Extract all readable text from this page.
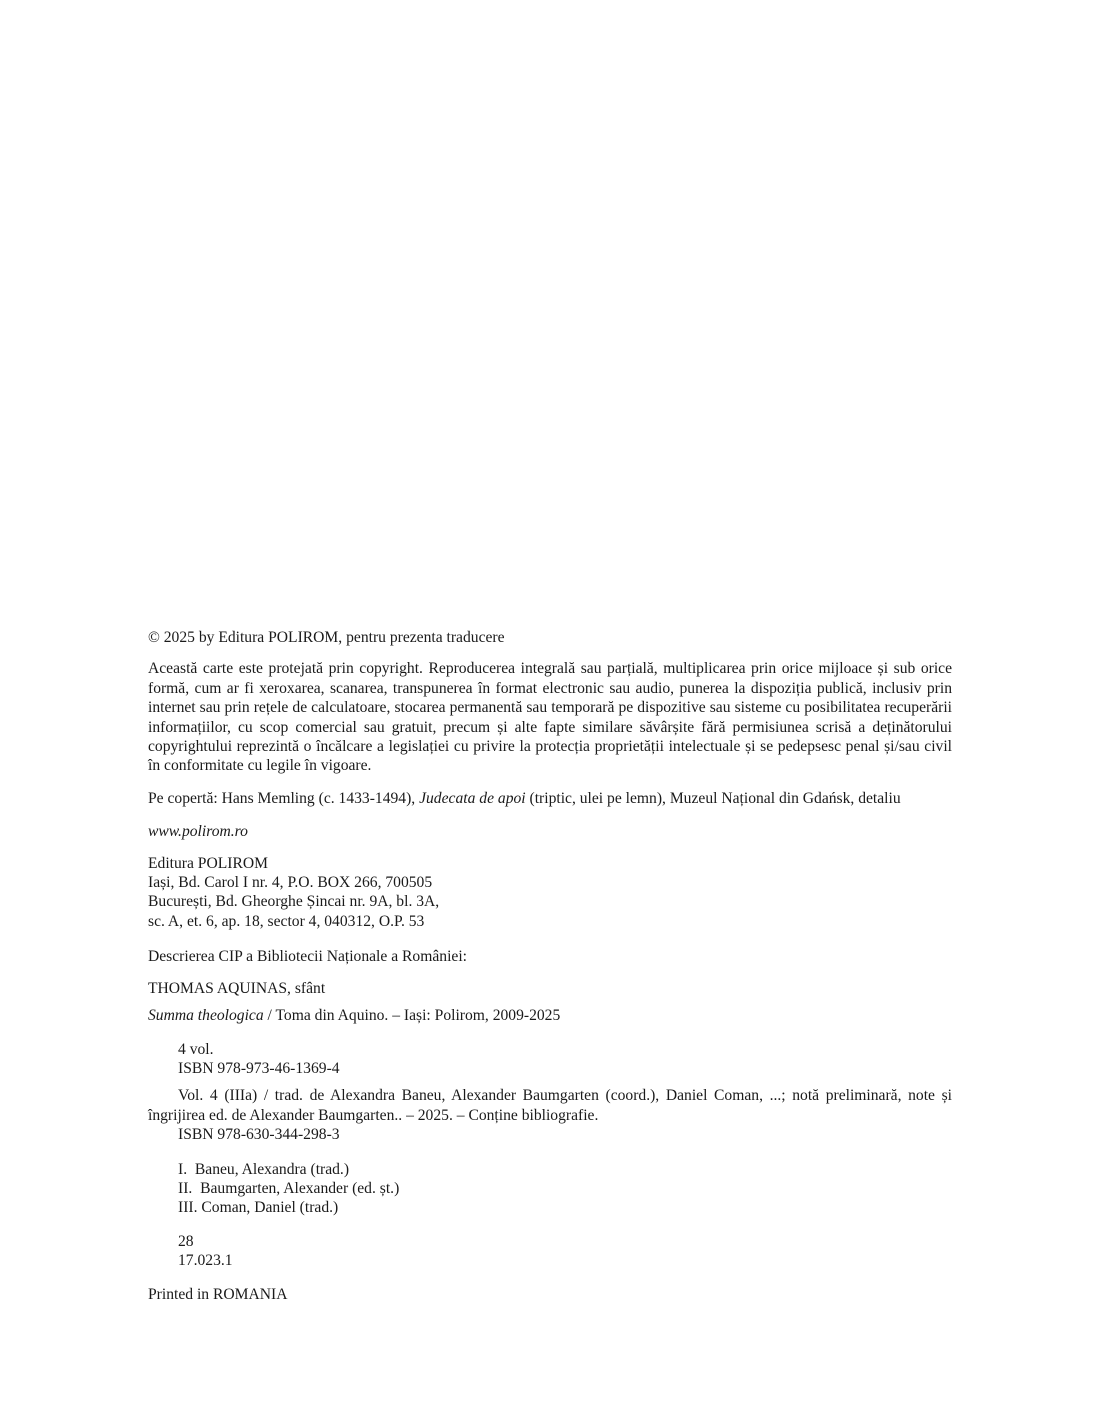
© 2025 by Editura POLIROM, pentru prezenta traducere
Această carte este protejată prin copyright. Reproducerea integrală sau parțială, multiplicarea prin orice mijloace și sub orice formă, cum ar fi xeroxarea, scanarea, transpunerea în format electronic sau audio, punerea la dispoziția publică, inclusiv prin internet sau prin rețele de calculatoare, stocarea permanentă sau temporară pe dispozitive sau sisteme cu posibilitatea recuperării informațiilor, cu scop comercial sau gratuit, precum și alte fapte similare săvârșite fără permisiunea scrisă a deținătorului copyrightului reprezintă o încălcare a legislației cu privire la protecția proprietății intelectuale și se pedepsesc penal și/sau civil în conformitate cu legile în vigoare.
Pe copertă: Hans Memling (c. 1433-1494), Judecata de apoi (triptic, ulei pe lemn), Muzeul Național din Gdańsk, detaliu
www.polirom.ro
Editura POLIROM
Iași, Bd. Carol I nr. 4, P.O. BOX 266, 700505
București, Bd. Gheorghe Șincai nr. 9A, bl. 3A,
sc. A, et. 6, ap. 18, sector 4, 040312, O.P. 53
Descrierea CIP a Bibliotecii Naționale a României:
THOMAS AQUINAS, sfânt
Summa theologica / Toma din Aquino. – Iași: Polirom, 2009-2025
4 vol.
ISBN 978-973-46-1369-4
Vol. 4 (IIIa) / trad. de Alexandra Baneu, Alexander Baumgarten (coord.), Daniel Coman, ...; notă preliminară, note și îngrijirea ed. de Alexander Baumgarten.. – 2025. – Conține bibliografie.
ISBN 978-630-344-298-3
I.  Baneu, Alexandra (trad.)
II.  Baumgarten, Alexander (ed. șt.)
III. Coman, Daniel (trad.)
28
17.023.1
Printed in ROMANIA
